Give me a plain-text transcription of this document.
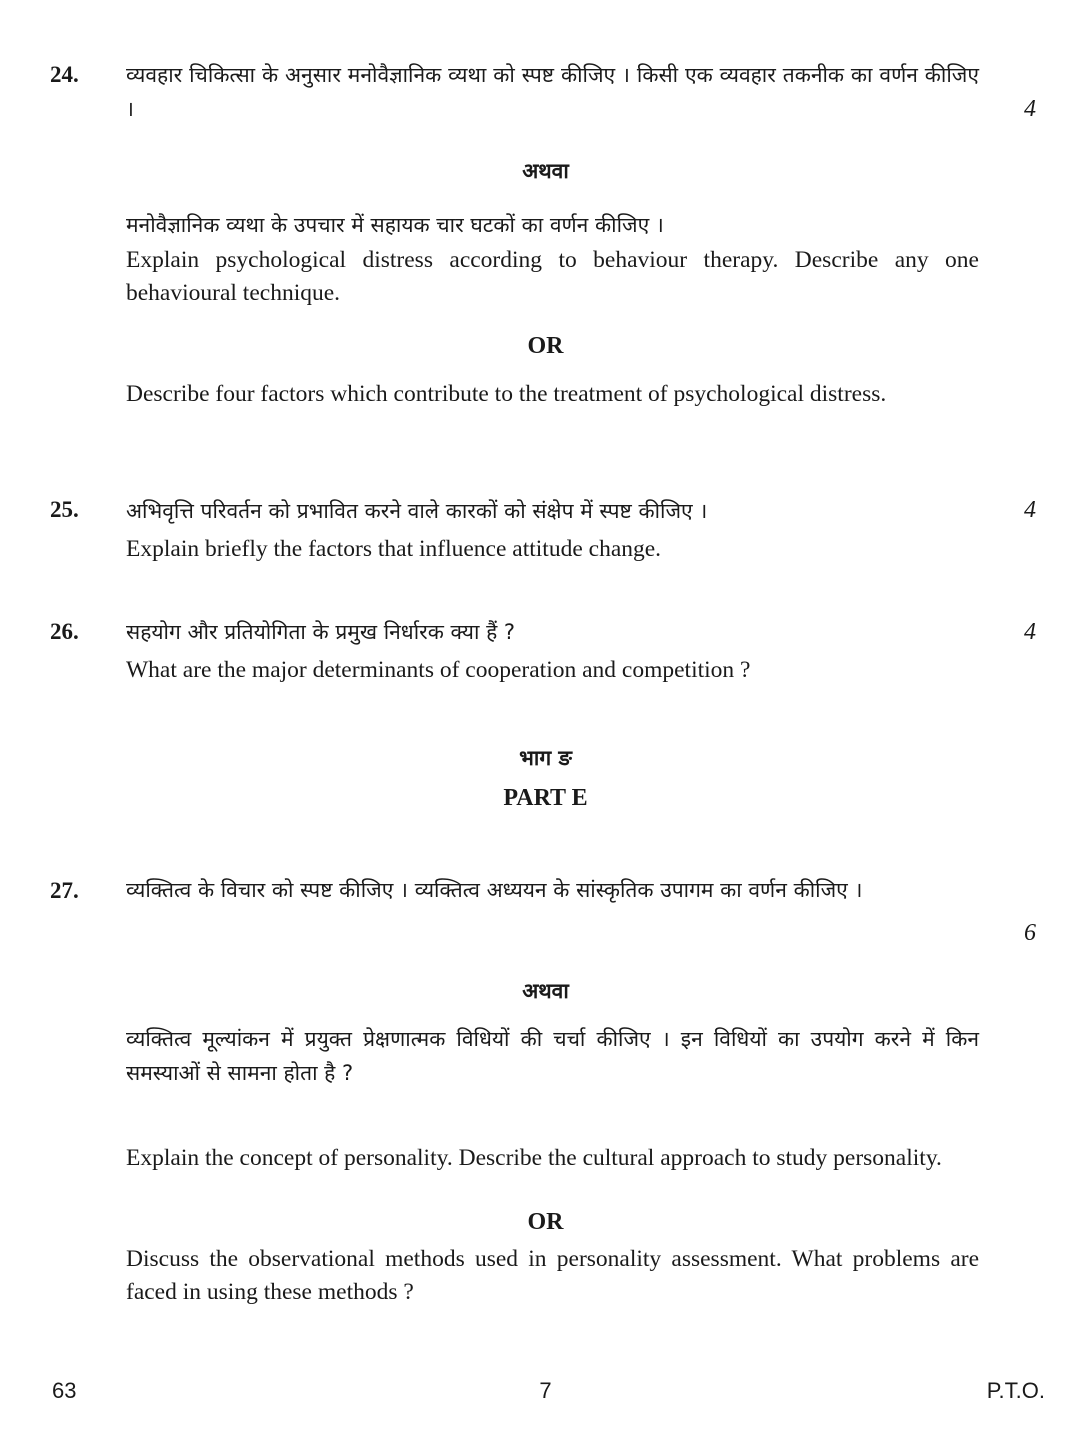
24. व्यवहार चिकित्सा के अनुसार मनोवैज्ञानिक व्यथा को स्पष्ट कीजिए । किसी एक व्यवहार तकनीक का वर्णन कीजिए ।	4
अथवा
मनोवैज्ञानिक व्यथा के उपचार में सहायक चार घटकों का वर्णन कीजिए ।
Explain psychological distress according to behaviour therapy. Describe any one behavioural technique.
OR
Describe four factors which contribute to the treatment of psychological distress.
25. अभिवृत्ति परिवर्तन को प्रभावित करने वाले कारकों को संक्षेप में स्पष्ट कीजिए ।	4
Explain briefly the factors that influence attitude change.
26. सहयोग और प्रतियोगिता के प्रमुख निर्धारक क्या हैं ?	4
What are the major determinants of cooperation and competition ?
भाग ङ
PART E
27. व्यक्तित्व के विचार को स्पष्ट कीजिए । व्यक्तित्व अध्ययन के सांस्कृतिक उपागम का वर्णन कीजिए ।
6
अथवा
व्यक्तित्व मूल्यांकन में प्रयुक्त प्रेक्षणात्मक विधियों की चर्चा कीजिए । इन विधियों का उपयोग करने में किन समस्याओं से सामना होता है ?
Explain the concept of personality. Describe the cultural approach to study personality.
OR
Discuss the observational methods used in personality assessment. What problems are faced in using these methods ?
63	7	P.T.O.
